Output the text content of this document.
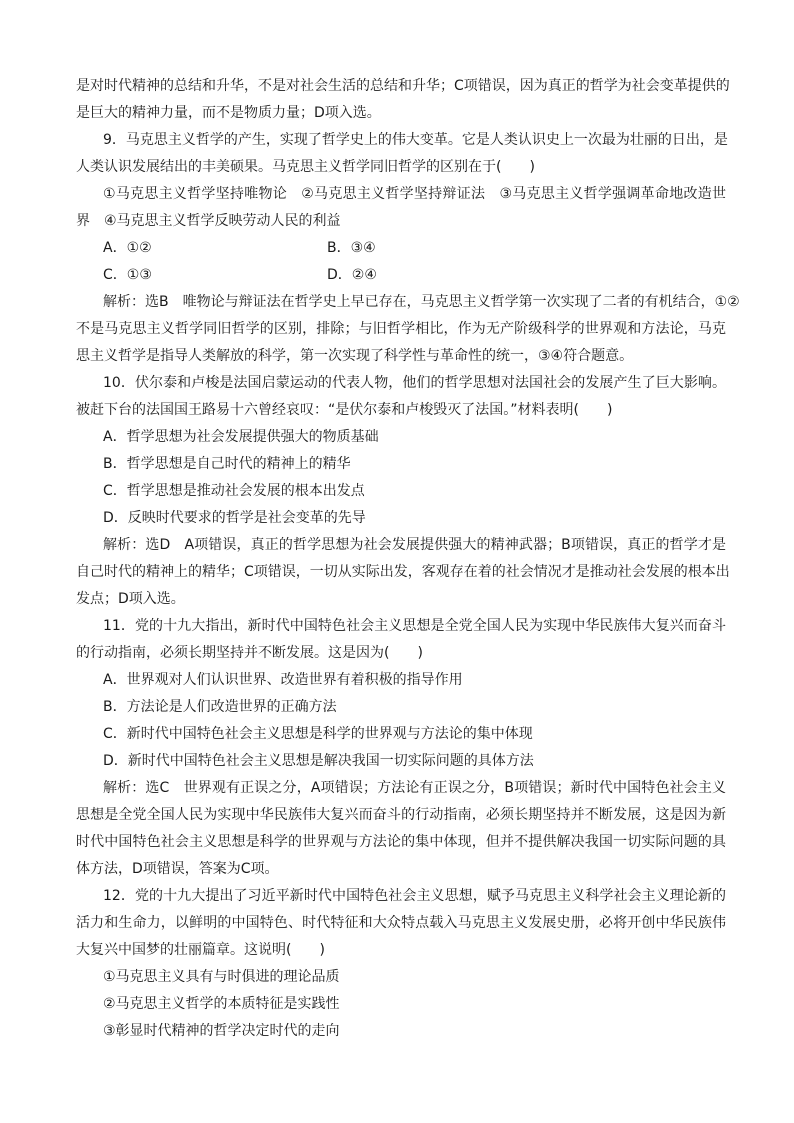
是对时代精神的总结和升华，不是对社会生活的总结和升华；C项错误，因为真正的哲学为社会变革提供的
是巨大的精神力量，而不是物质力量；D项入选。
9．马克思主义哲学的产生，实现了哲学史上的伟大变革。它是人类认识史上一次最为壮丽的日出，是
人类认识发展结出的丰美硕果。马克思主义哲学同旧哲学的区别在于(　　)
①马克思主义哲学坚持唯物论　②马克思主义哲学坚持辩证法　③马克思主义哲学强调革命地改造世
界　④马克思主义哲学反映劳动人民的利益
A．①②	B．③④
C．①③	D．②④
解析：选B　唯物论与辩证法在哲学史上早已存在，马克思主义哲学第一次实现了二者的有机结合，①②
不是马克思主义哲学同旧哲学的区别，排除；与旧哲学相比，作为无产阶级科学的世界观和方法论，马克
思主义哲学是指导人类解放的科学，第一次实现了科学性与革命性的统一，③④符合题意。
10．伏尔泰和卢梭是法国启蒙运动的代表人物，他们的哲学思想对法国社会的发展产生了巨大影响。
被赶下台的法国国王路易十六曾经哀叹：“是伏尔泰和卢梭毁灭了法国。”材料表明(　　)
A．哲学思想为社会发展提供强大的物质基础
B．哲学思想是自己时代的精神上的精华
C．哲学思想是推动社会发展的根本出发点
D．反映时代要求的哲学是社会变革的先导
解析：选D　A项错误，真正的哲学思想为社会发展提供强大的精神武器；B项错误，真正的哲学才是
自己时代的精神上的精华；C项错误，一切从实际出发，客观存在着的社会情况才是推动社会发展的根本出
发点；D项入选。
11．党的十九大指出，新时代中国特色社会主义思想是全党全国人民为实现中华民族伟大复兴而奋斗
的行动指南，必须长期坚持并不断发展。这是因为(　　)
A．世界观对人们认识世界、改造世界有着积极的指导作用
B．方法论是人们改造世界的正确方法
C．新时代中国特色社会主义思想是科学的世界观与方法论的集中体现
D．新时代中国特色社会主义思想是解决我国一切实际问题的具体方法
解析：选C　世界观有正误之分，A项错误；方法论有正误之分，B项错误；新时代中国特色社会主义
思想是全党全国人民为实现中华民族伟大复兴而奋斗的行动指南，必须长期坚持并不断发展，这是因为新
时代中国特色社会主义思想是科学的世界观与方法论的集中体现，但并不提供解决我国一切实际问题的具
体方法，D项错误，答案为C项。
12．党的十九大提出了习近平新时代中国特色社会主义思想，赋予马克思主义科学社会主义理论新的
活力和生命力，以鲜明的中国特色、时代特征和大众特点载入马克思主义发展史册，必将开创中华民族伟
大复兴中国梦的壮丽篇章。这说明(　　)
①马克思主义具有与时俱进的理论品质
②马克思主义哲学的本质特征是实践性
③彰显时代精神的哲学决定时代的走向
